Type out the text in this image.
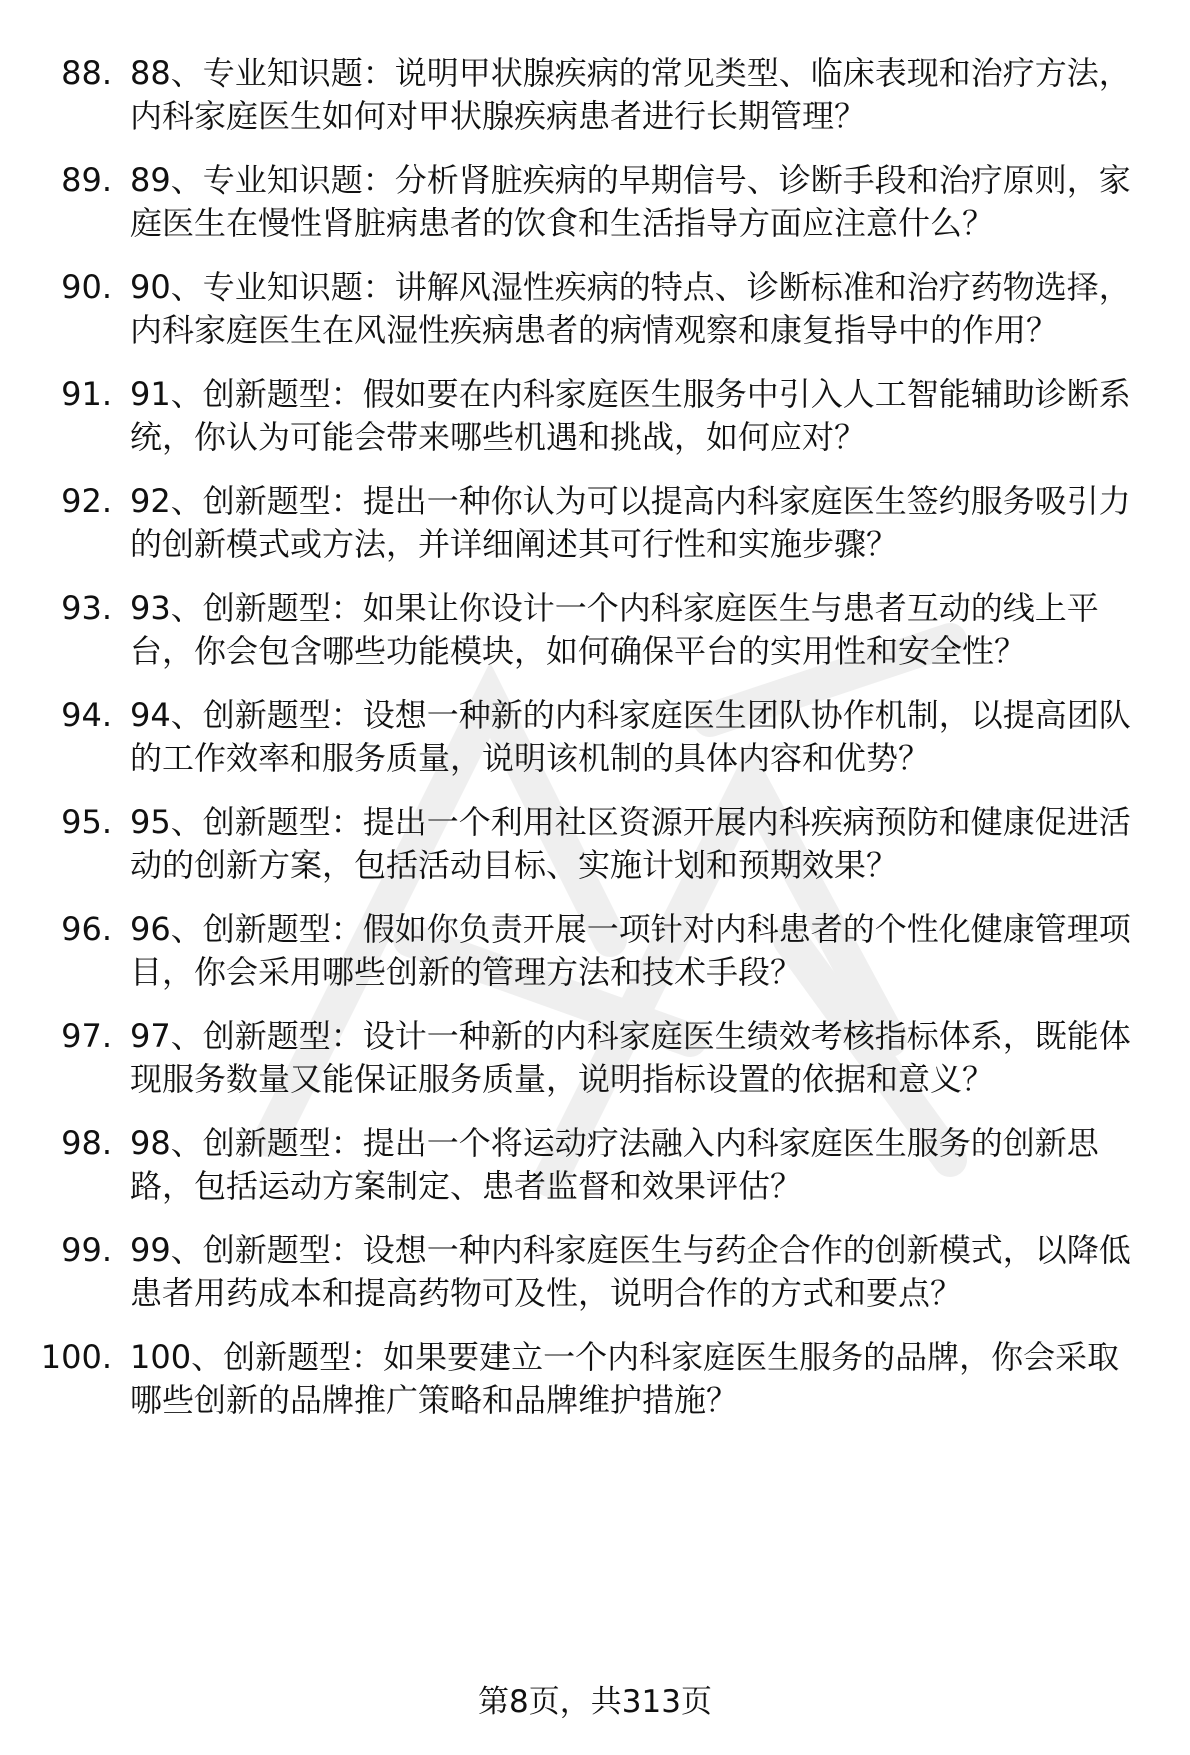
88. 88、专业知识题：说明甲状腺疾病的常见类型、临床表现和治疗方法，内科家庭医生如何对甲状腺疾病患者进行长期管理？
89. 89、专业知识题：分析肾脏疾病的早期信号、诊断手段和治疗原则，家庭医生在慢性肾脏病患者的饮食和生活指导方面应注意什么？
90. 90、专业知识题：讲解风湿性疾病的特点、诊断标准和治疗药物选择，内科家庭医生在风湿性疾病患者的病情观察和康复指导中的作用？
91. 91、创新题型：假如要在内科家庭医生服务中引入人工智能辅助诊断系统，你认为可能会带来哪些机遇和挑战，如何应对？
92. 92、创新题型：提出一种你认为可以提高内科家庭医生签约服务吸引力的创新模式或方法，并详细阐述其可行性和实施步骤？
93. 93、创新题型：如果让你设计一个内科家庭医生与患者互动的线上平台，你会包含哪些功能模块，如何确保平台的实用性和安全性？
94. 94、创新题型：设想一种新的内科家庭医生团队协作机制，以提高团队的工作效率和服务质量，说明该机制的具体内容和优势？
95. 95、创新题型：提出一个利用社区资源开展内科疾病预防和健康促进活动的创新方案，包括活动目标、实施计划和预期效果？
96. 96、创新题型：假如你负责开展一项针对内科患者的个性化健康管理项目，你会采用哪些创新的管理方法和技术手段？
97. 97、创新题型：设计一种新的内科家庭医生绩效考核指标体系，既能体现服务数量又能保证服务质量，说明指标设置的依据和意义？
98. 98、创新题型：提出一个将运动疗法融入内科家庭医生服务的创新思路，包括运动方案制定、患者监督和效果评估？
99. 99、创新题型：设想一种内科家庭医生与药企合作的创新模式，以降低患者用药成本和提高药物可及性，说明合作的方式和要点？
100. 100、创新题型：如果要建立一个内科家庭医生服务的品牌，你会采取哪些创新的品牌推广策略和品牌维护措施？
第8页，共313页
